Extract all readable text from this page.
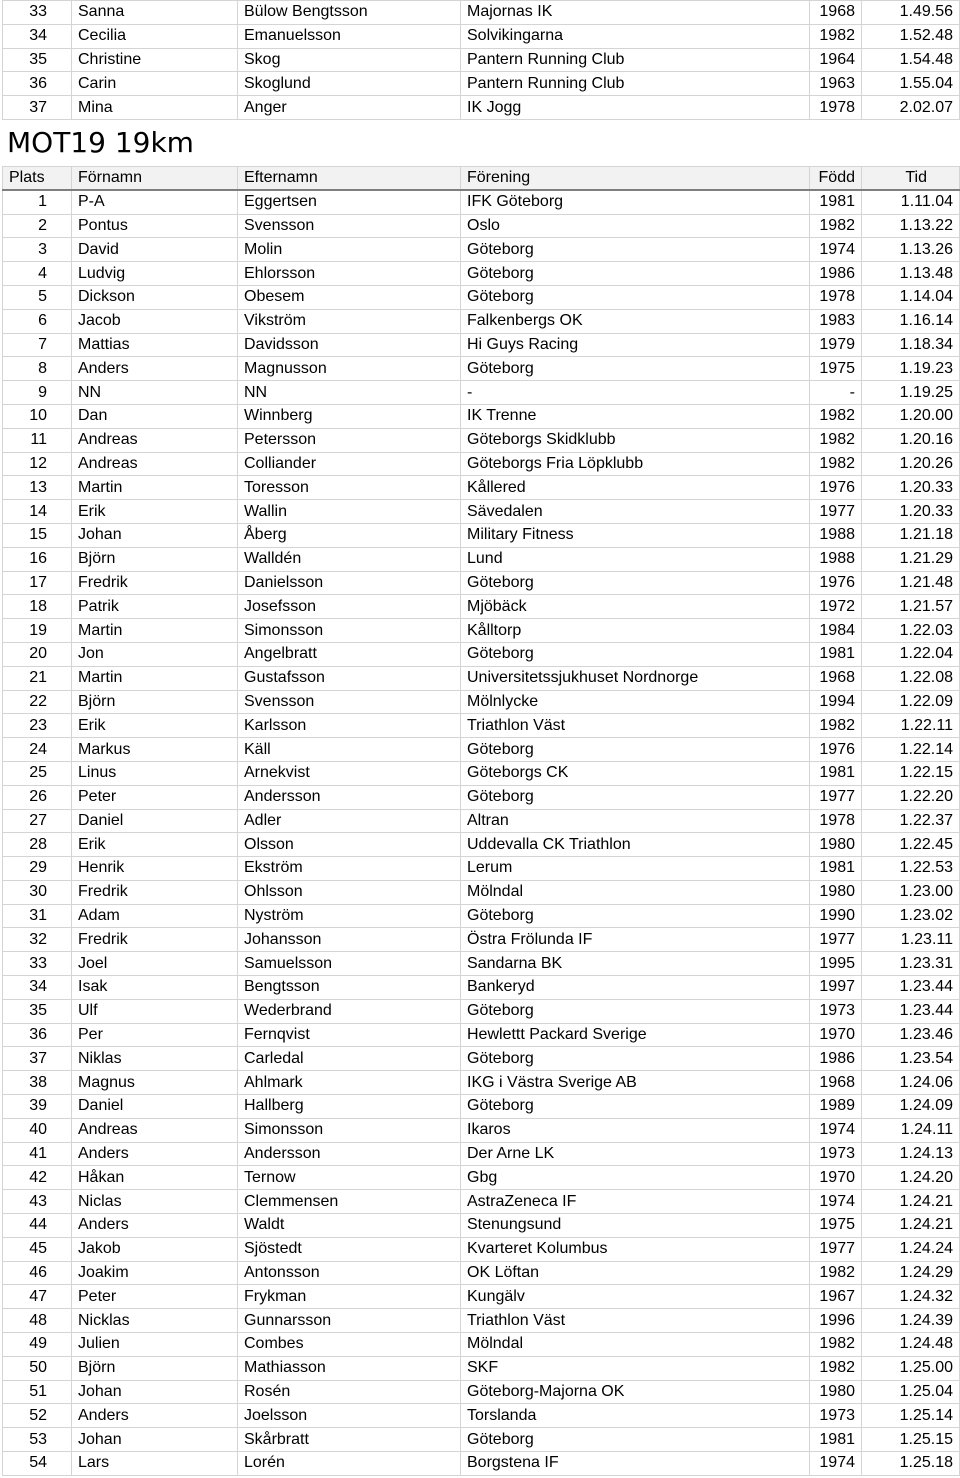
33	Sanna	Bülow Bengtsson	Majornas IK	1968	1.49.56
34	Cecilia	Emanuelsson	Solvikingarna	1982	1.52.48
35	Christine	Skog	Pantern Running Club	1964	1.54.48
36	Carin	Skoglund	Pantern Running Club	1963	1.55.04
37	Mina	Anger	IK Jogg	1978	2.02.07
MOT19 19km
Plats	Förnamn	Efternamn	Förening	Född	Tid
1	P-A	Eggertsen	IFK Göteborg	1981	1.11.04
2	Pontus	Svensson	Oslo	1982	1.13.22
3	David	Molin	Göteborg	1974	1.13.26
4	Ludvig	Ehlorsson	Göteborg	1986	1.13.48
5	Dickson	Obesem	Göteborg	1978	1.14.04
6	Jacob	Vikström	Falkenbergs OK	1983	1.16.14
7	Mattias	Davidsson	Hi Guys Racing	1979	1.18.34
8	Anders	Magnusson	Göteborg	1975	1.19.23
9	NN	NN	-	-	1.19.25
10	Dan	Winnberg	IK Trenne	1982	1.20.00
11	Andreas	Petersson	Göteborgs Skidklubb	1982	1.20.16
12	Andreas	Colliander	Göteborgs Fria Löpklubb	1982	1.20.26
13	Martin	Toresson	Kållered	1976	1.20.33
14	Erik	Wallin	Sävedalen	1977	1.20.33
15	Johan	Åberg	Military Fitness	1988	1.21.18
16	Björn	Walldén	Lund	1988	1.21.29
17	Fredrik	Danielsson	Göteborg	1976	1.21.48
18	Patrik	Josefsson	Mjöbäck	1972	1.21.57
19	Martin	Simonsson	Kålltorp	1984	1.22.03
20	Jon	Angelbratt	Göteborg	1981	1.22.04
21	Martin	Gustafsson	Universitetssjukhuset Nordnorge	1968	1.22.08
22	Björn	Svensson	Mölnlycke	1994	1.22.09
23	Erik	Karlsson	Triathlon Väst	1982	1.22.11
24	Markus	Käll	Göteborg	1976	1.22.14
25	Linus	Arnekvist	Göteborgs CK	1981	1.22.15
26	Peter	Andersson	Göteborg	1977	1.22.20
27	Daniel	Adler	Altran	1978	1.22.37
28	Erik	Olsson	Uddevalla CK Triathlon	1980	1.22.45
29	Henrik	Ekström	Lerum	1981	1.22.53
30	Fredrik	Ohlsson	Mölndal	1980	1.23.00
31	Adam	Nyström	Göteborg	1990	1.23.02
32	Fredrik	Johansson	Östra Frölunda IF	1977	1.23.11
33	Joel	Samuelsson	Sandarna BK	1995	1.23.31
34	Isak	Bengtsson	Bankeryd	1997	1.23.44
35	Ulf	Wederbrand	Göteborg	1973	1.23.44
36	Per	Fernqvist	Hewlettt Packard Sverige	1970	1.23.46
37	Niklas	Carledal	Göteborg	1986	1.23.54
38	Magnus	Ahlmark	IKG i Västra Sverige AB	1968	1.24.06
39	Daniel	Hallberg	Göteborg	1989	1.24.09
40	Andreas	Simonsson	Ikaros	1974	1.24.11
41	Anders	Andersson	Der Arne LK	1973	1.24.13
42	Håkan	Ternow	Gbg	1970	1.24.20
43	Niclas	Clemmensen	AstraZeneca IF	1974	1.24.21
44	Anders	Waldt	Stenungsund	1975	1.24.21
45	Jakob	Sjöstedt	Kvarteret Kolumbus	1977	1.24.24
46	Joakim	Antonsson	OK Löftan	1982	1.24.29
47	Peter	Frykman	Kungälv	1967	1.24.32
48	Nicklas	Gunnarsson	Triathlon Väst	1996	1.24.39
49	Julien	Combes	Mölndal	1982	1.24.48
50	Björn	Mathiasson	SKF	1982	1.25.00
51	Johan	Rosén	Göteborg-Majorna OK	1980	1.25.04
52	Anders	Joelsson	Torslanda	1973	1.25.14
53	Johan	Skårbratt	Göteborg	1981	1.25.15
54	Lars	Lorén	Borgstena IF	1974	1.25.18
